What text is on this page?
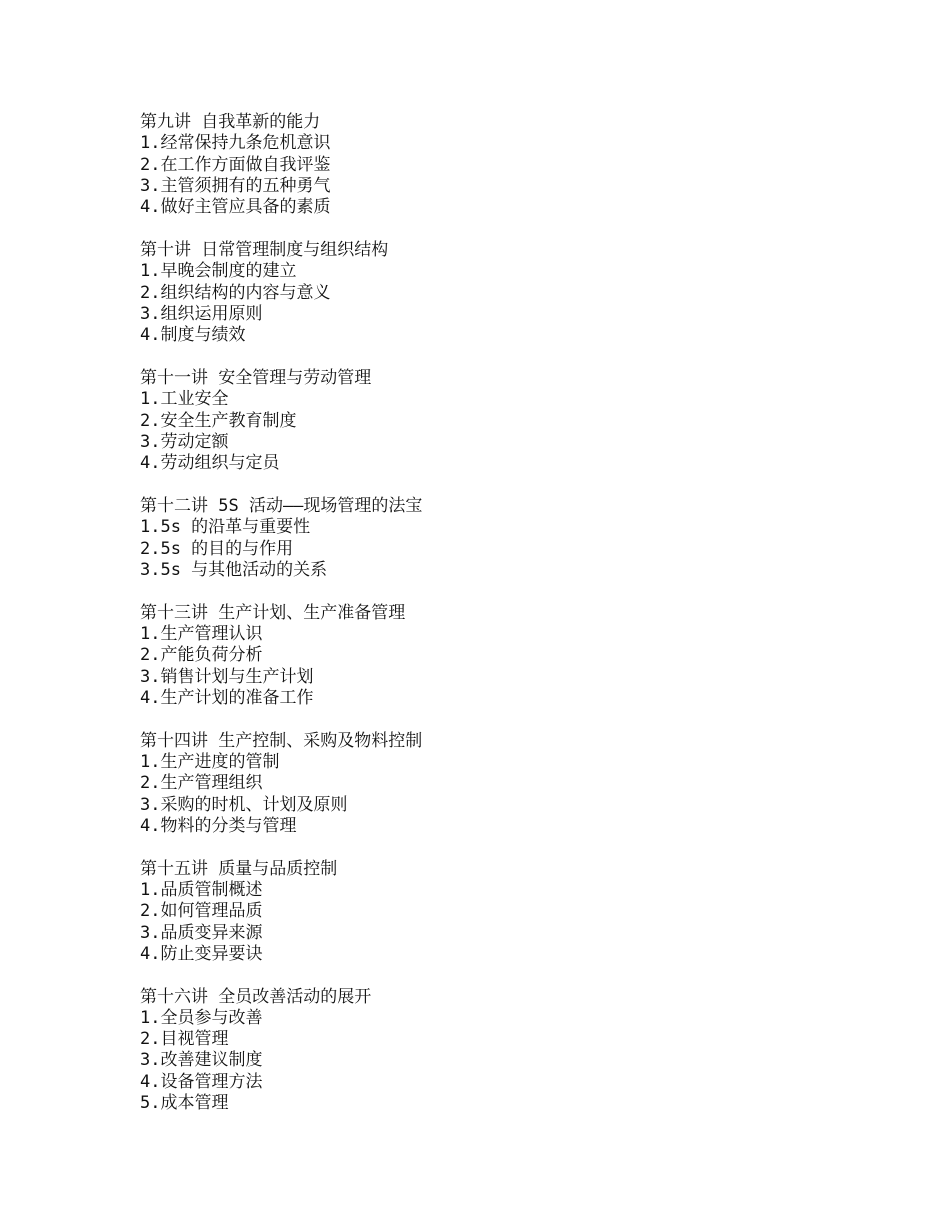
第九讲 自我革新的能力
1.经常保持九条危机意识
2.在工作方面做自我评鉴
3.主管须拥有的五种勇气
4.做好主管应具备的素质
第十讲 日常管理制度与组织结构
1.早晚会制度的建立
2.组织结构的内容与意义
3.组织运用原则
4.制度与绩效
第十一讲 安全管理与劳动管理
1.工业安全
2.安全生产教育制度
3.劳动定额
4.劳动组织与定员
第十二讲 5S 活动——现场管理的法宝
1.5s 的沿革与重要性
2.5s 的目的与作用
3.5s 与其他活动的关系
第十三讲 生产计划、生产准备管理
1.生产管理认识
2.产能负荷分析
3.销售计划与生产计划
4.生产计划的准备工作
第十四讲 生产控制、采购及物料控制
1.生产进度的管制
2.生产管理组织
3.采购的时机、计划及原则
4.物料的分类与管理
第十五讲 质量与品质控制
1.品质管制概述
2.如何管理品质
3.品质变异来源
4.防止变异要诀
第十六讲 全员改善活动的展开
1.全员参与改善
2.目视管理
3.改善建议制度
4.设备管理方法
5.成本管理
